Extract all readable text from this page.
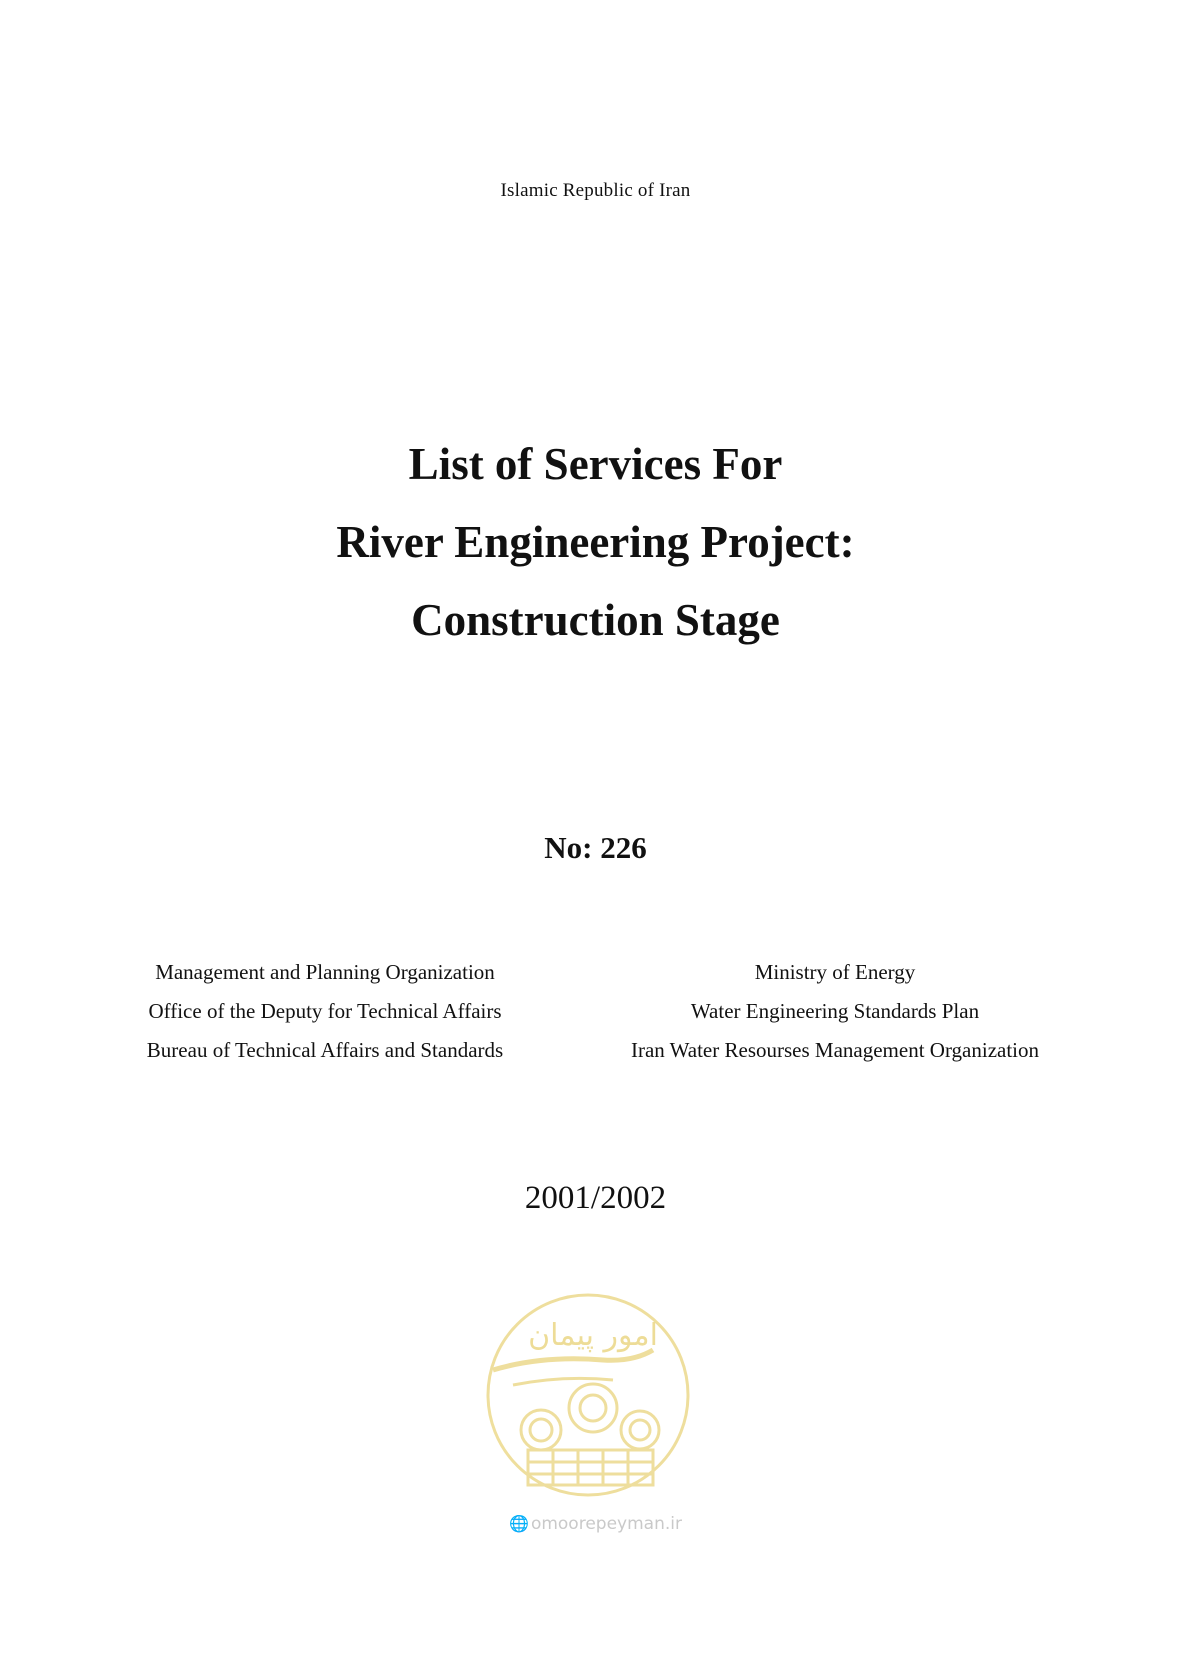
Islamic Republic of Iran
List of Services For
River Engineering Project:
Construction Stage
No: 226
Management and Planning Organization
Office of the Deputy for Technical Affairs
Bureau of Technical Affairs and Standards
Ministry of Energy
Water Engineering Standards Plan
Iran Water Resourses Management Organization
2001/2002
امور پیمان
🌐 omoorepeyman.ir
